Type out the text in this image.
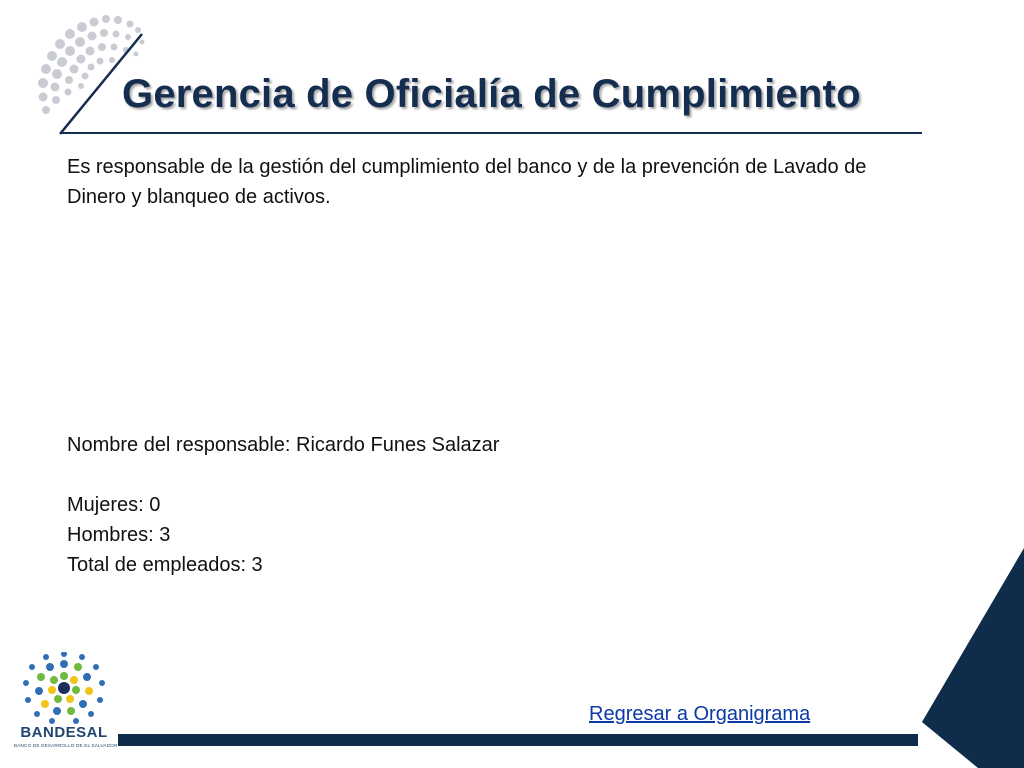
Gerencia de Oficialía de Cumplimiento

Es responsable de la gestión del cumplimiento del banco y de la prevención de Lavado de Dinero y blanqueo de activos.

Nombre del responsable: Ricardo Funes Salazar

Mujeres: 0
Hombres: 3
Total de empleados: 3
Regresar a Organigrama
BANDESAL
BANCO DE DESARROLLO DE EL SALVADOR
